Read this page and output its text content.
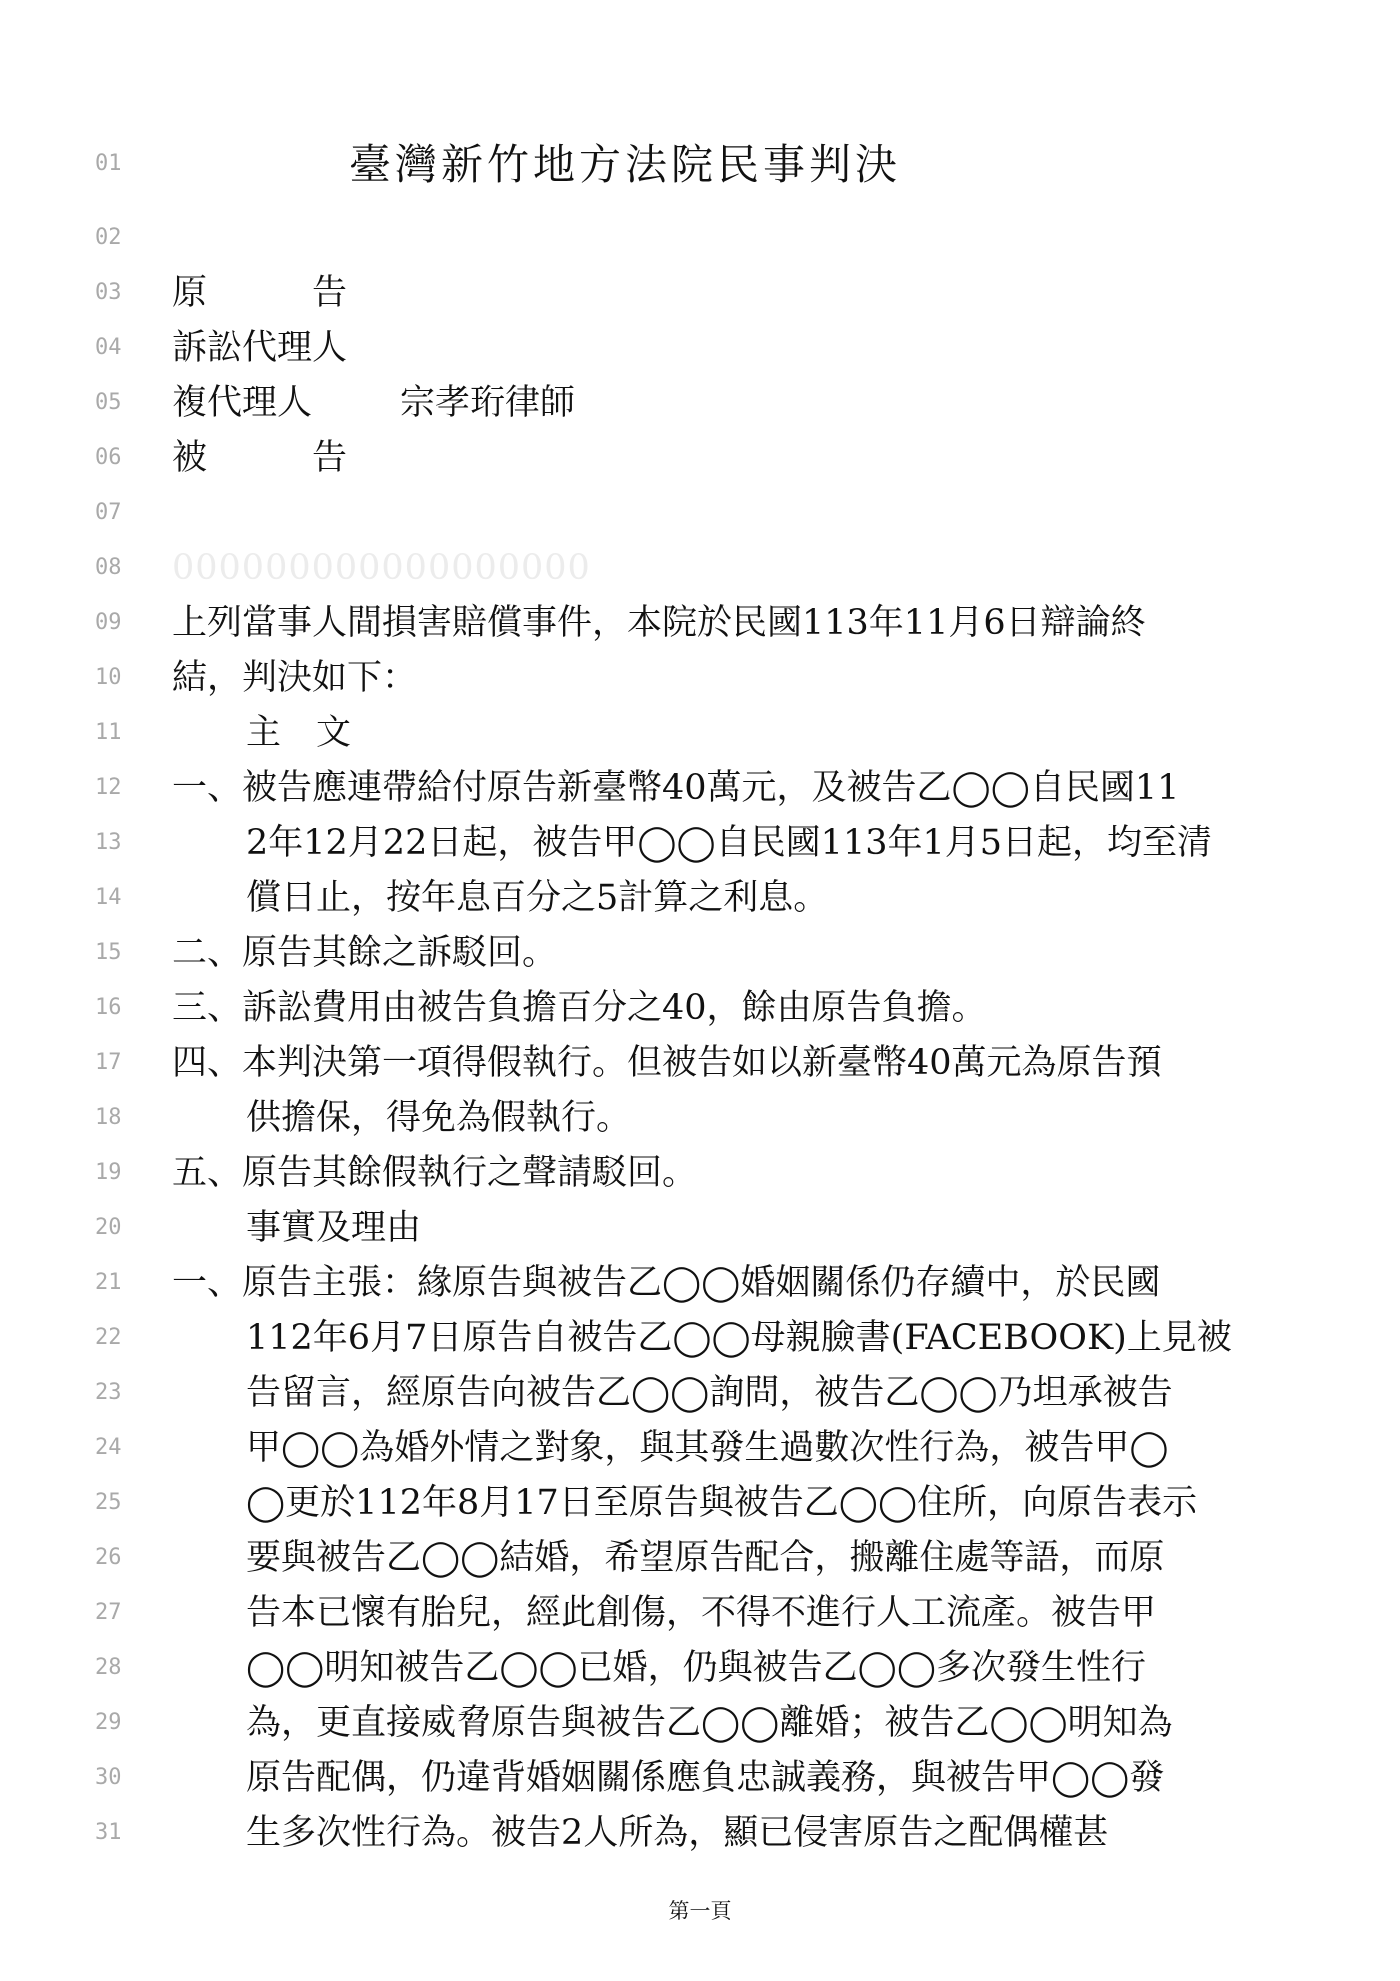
01	臺灣新竹地方法院民事判決
02
03	原　　　告
04	訴訟代理人
05	複代理人	宗孝珩律師
06	被　　　告
07
08	000000000000000000
09	上列當事人間損害賠償事件，本院於民國113年11月6日辯論終
10	結，判決如下：
11	主　文
12	一、被告應連帶給付原告新臺幣40萬元，及被告乙◯◯自民國11
13	2年12月22日起，被告甲◯◯自民國113年1月5日起，均至清
14	償日止，按年息百分之5計算之利息。
15	二、原告其餘之訴駁回。
16	三、訴訟費用由被告負擔百分之40，餘由原告負擔。
17	四、本判決第一項得假執行。但被告如以新臺幣40萬元為原告預
18	供擔保，得免為假執行。
19	五、原告其餘假執行之聲請駁回。
20	事實及理由
21	一、原告主張：緣原告與被告乙◯◯婚姻關係仍存續中，於民國
22	112年6月7日原告自被告乙◯◯母親臉書(FACEBOOK)上見被
23	告留言，經原告向被告乙◯◯詢問，被告乙◯◯乃坦承被告
24	甲◯◯為婚外情之對象，與其發生過數次性行為，被告甲◯
25	◯更於112年8月17日至原告與被告乙◯◯住所，向原告表示
26	要與被告乙◯◯結婚，希望原告配合，搬離住處等語，而原
27	告本已懷有胎兒，經此創傷，不得不進行人工流產。被告甲
28	◯◯明知被告乙◯◯已婚，仍與被告乙◯◯多次發生性行
29	為，更直接威脅原告與被告乙◯◯離婚；被告乙◯◯明知為
30	原告配偶，仍違背婚姻關係應負忠誠義務，與被告甲◯◯發
31	生多次性行為。被告2人所為，顯已侵害原告之配偶權甚
第一頁
